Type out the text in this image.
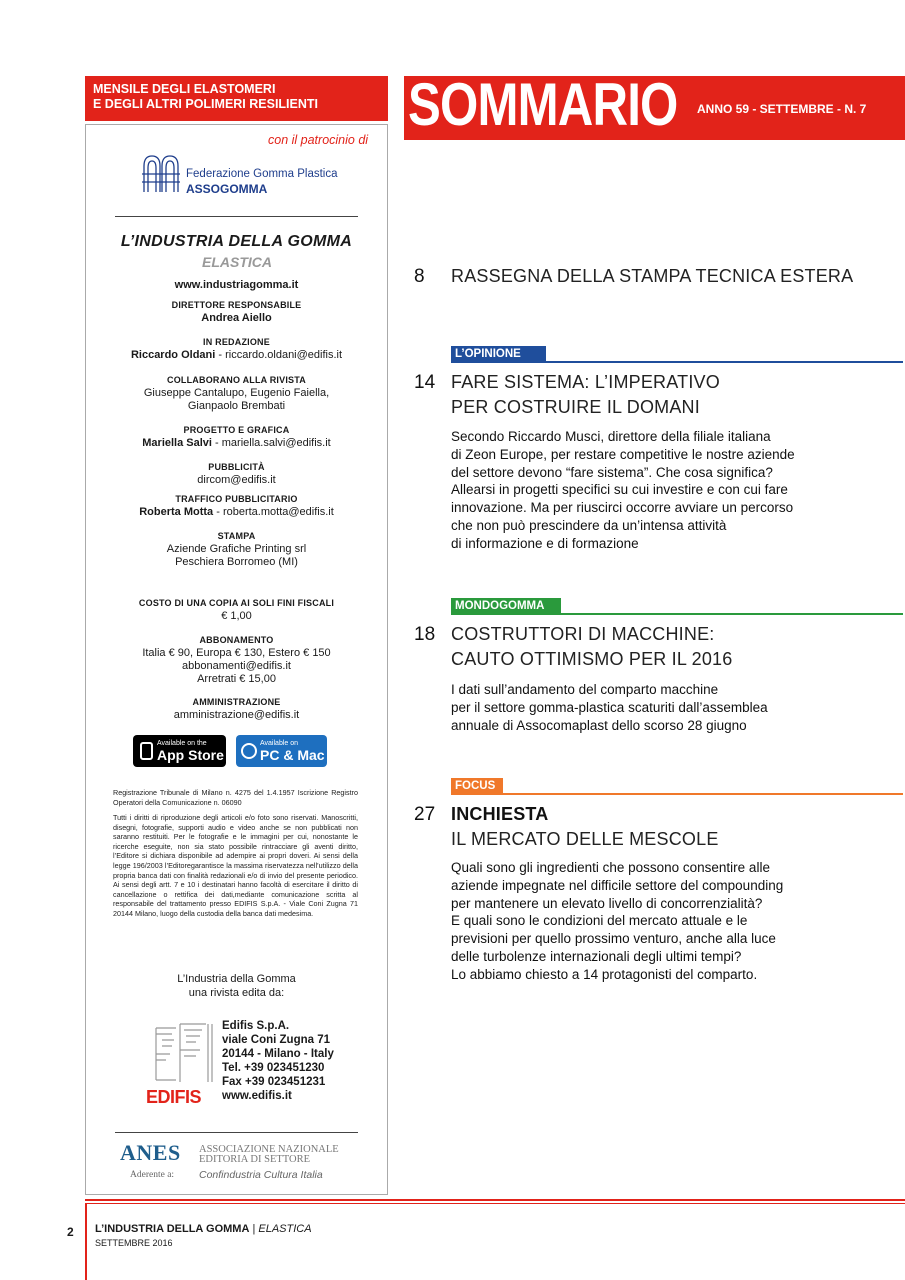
MENSILE DEGLI ELASTOMERI
E DEGLI ALTRI POLIMERI RESILIENTI
con il patrocinio di
Federazione Gomma Plastica
ASSOGOMMA
L’INDUSTRIA DELLA GOMMA
ELASTICA
www.industriagomma.it
DIRETTORE RESPONSABILE
Andrea Aiello
IN REDAZIONE
Riccardo Oldani - riccardo.oldani@edifis.it
COLLABORANO ALLA RIVISTA
Giuseppe Cantalupo, Eugenio Faiella,
Gianpaolo Brembati
PROGETTO E GRAFICA
Mariella Salvi - mariella.salvi@edifis.it
PUBBLICITÀ
dircom@edifis.it
TRAFFICO PUBBLICITARIO
Roberta Motta - roberta.motta@edifis.it
STAMPA
Aziende Grafiche Printing srl
Peschiera Borromeo (MI)
COSTO DI UNA COPIA AI SOLI FINI FISCALI
€ 1,00
ABBONAMENTO
Italia € 90, Europa € 130, Estero € 150
abbonamenti@edifis.it
Arretrati € 15,00
AMMINISTRAZIONE
amministrazione@edifis.it
Available on the
App Store
Available on
PC & Mac
Registrazione Tribunale di Milano n. 4275 del 1.4.1957 Iscrizione Registro Operatori della Comunicazione n. 06090
Tutti i diritti di riproduzione degli articoli e/o foto sono riservati. Manoscritti, disegni, fotografie, supporti audio e video anche se non pubblicati non saranno restituiti. Per le fotografie e le immagini per cui, nonostante le ricerche eseguite, non sia stato possibile rintracciare gli aventi diritto, l’Editore si dichiara disponibile ad adempire ai propri doveri. Ai sensi della legge 196/2003 l’Editoregarantisce la massima riservatezza nell’utilizzo della propria banca dati con finalità redazionali e/o di invio del presente periodico. Ai sensi degli artt. 7 e 10 i destinatari hanno facoltà di esercitare il diritto di cancellazione o rettifica dei dati,mediante comunicazione scritta al responsabile del trattamento presso EDIFIS S.p.A. - Viale Coni Zugna 71 20144 Milano, luogo della custodia della banca dati medesima.
L’Industria della Gomma
una rivista edita da:
EDIFIS
Edifis S.p.A.
viale Coni Zugna 71
20144 - Milano - Italy
Tel. +39 023451230
Fax +39 023451231
www.edifis.it
ANES ASSOCIAZIONE NAZIONALE
EDITORIA DI SETTORE
Aderente a: Confindustria Cultura Italia
SOMMARIO ANNO 59 - SETTEMBRE - N. 7
8 RASSEGNA DELLA STAMPA TECNICA ESTERA
L’OPINIONE
14 FARE SISTEMA: L’IMPERATIVO
PER COSTRUIRE IL DOMANI
Secondo Riccardo Musci, direttore della filiale italiana
di Zeon Europe, per restare competitive le nostre aziende
del settore devono “fare sistema”. Che cosa significa?
Allearsi in progetti specifici su cui investire e con cui fare
innovazione. Ma per riuscirci occorre avviare un percorso
che non può prescindere da un’intensa attività
di informazione e di formazione
MONDOGOMMA
18 COSTRUTTORI DI MACCHINE:
CAUTO OTTIMISMO PER IL 2016
I dati sull’andamento del comparto macchine
per il settore gomma-plastica scaturiti dall’assemblea
annuale di Assocomaplast dello scorso 28 giugno
FOCUS
27 INCHIESTA
IL MERCATO DELLE MESCOLE
Quali sono gli ingredienti che possono consentire alle
aziende impegnate nel difficile settore del compounding
per mantenere un elevato livello di concorrenzialità?
E quali sono le condizioni del mercato attuale e le
previsioni per quello prossimo venturo, anche alla luce
delle turbolenze internazionali degli ultimi tempi?
Lo abbiamo chiesto a 14 protagonisti del comparto.
2 L’INDUSTRIA DELLA GOMMA | ELASTICA
SETTEMBRE 2016
